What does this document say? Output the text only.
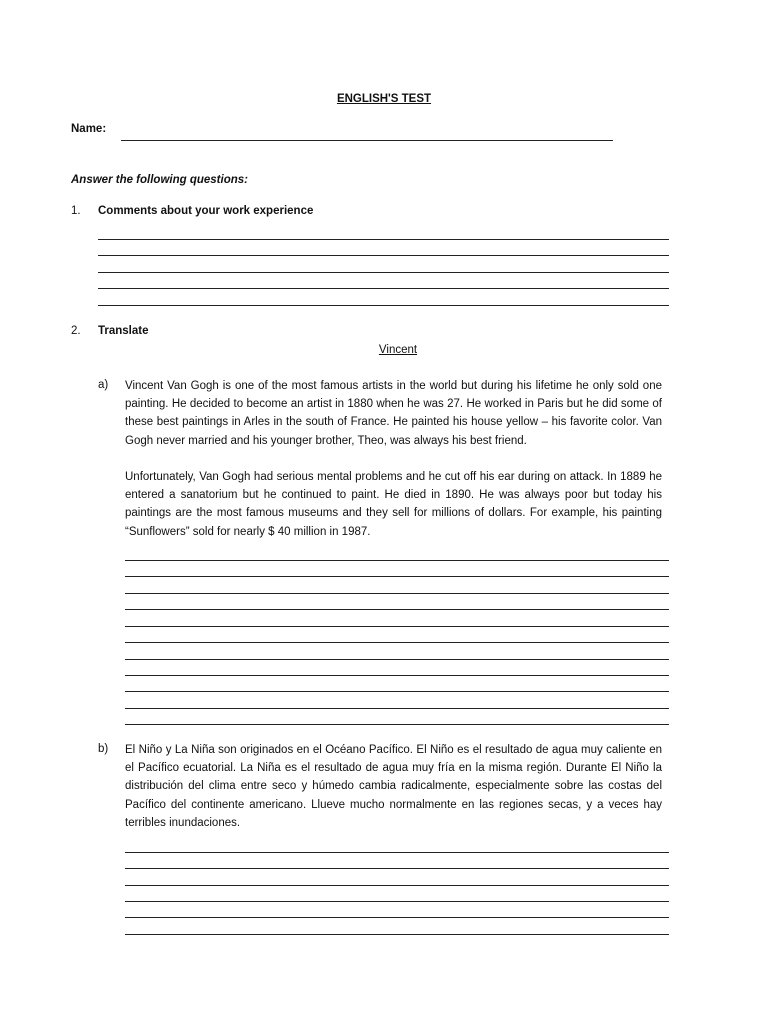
ENGLISH'S TEST
Name:
Answer the following questions:
1. Comments about your work experience
2. Translate
Vincent
a) Vincent Van Gogh is one of the most famous artists in the world but during his lifetime he only sold one painting. He decided to become an artist in 1880 when he was 27. He worked in Paris but he did some of these best paintings in Arles in the south of France. He painted his house yellow – his favorite color. Van Gogh never married and his younger brother, Theo, was always his best friend.

Unfortunately, Van Gogh had serious mental problems and he cut off his ear during on attack. In 1889 he entered a sanatorium but he continued to paint. He died in 1890. He was always poor but today his paintings are the most famous museums and they sell for millions of dollars. For example, his painting “Sunflowers” sold for nearly $ 40 million in 1987.

b) El Niño y La Niña son originados en el Océano Pacífico. El Niño es el resultado de agua muy caliente en el Pacífico ecuatorial. La Niña es el resultado de agua muy fría en la misma región. Durante El Niño la distribución del clima entre seco y húmedo cambia radicalmente, especialmente sobre las costas del Pacífico del continente americano. Llueve mucho normalmente en las regiones secas, y a veces hay terribles inundaciones.
